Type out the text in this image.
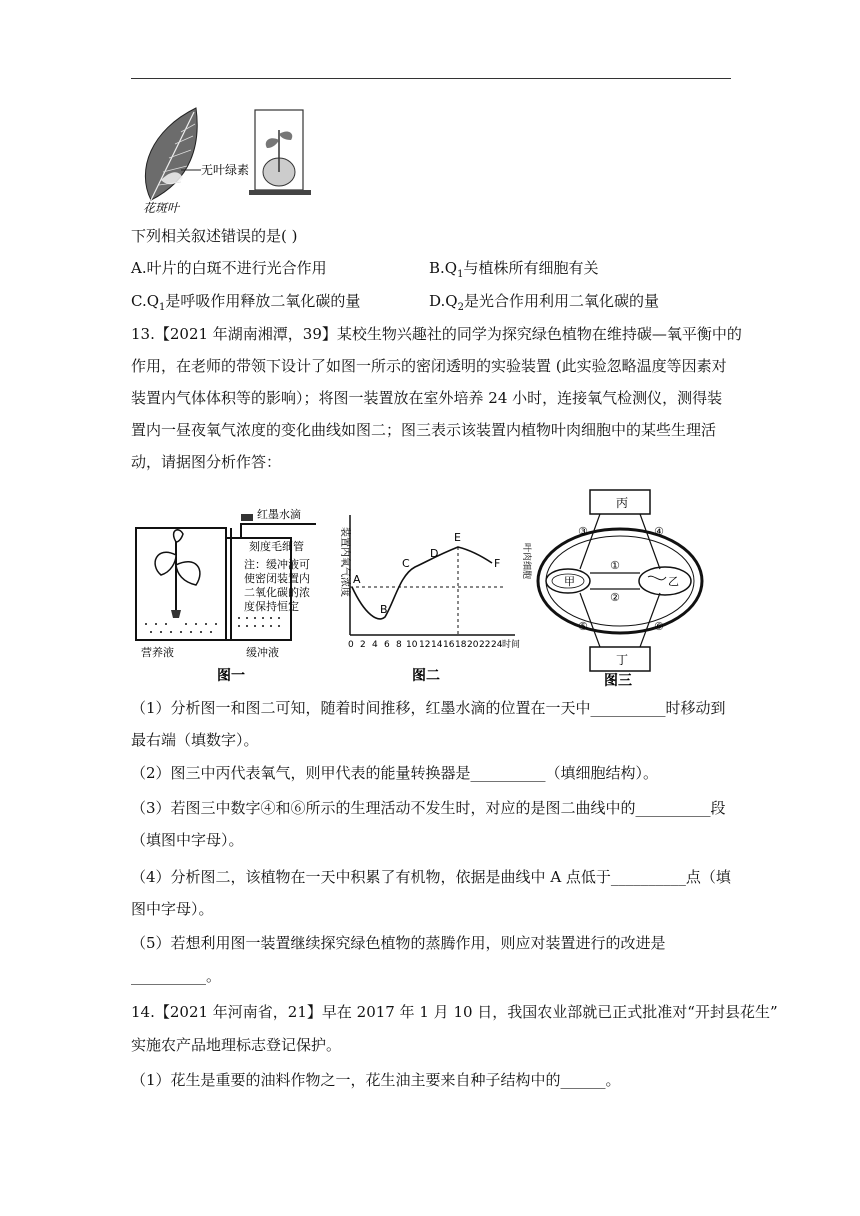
无叶绿素
花斑叶
下列相关叙述错误的是( )
A.叶片的白斑不进行光合作用	$B.Q_1$与植株所有细胞有关
$C.Q_1$是呼吸作用释放二氧化碳的量	$D.Q_2$是光合作用利用二氧化碳的量
13.【2021 年湖南湘潭，39】某校生物兴趣社的同学为探究绿色植物在维持碳—氧平衡中的
作用，在老师的带领下设计了如图一所示的密闭透明的实验装置 (此实验忽略温度等因素对
装置内气体体积等的影响）；将图一装置放在室外培养 24 小时，连接氧气检测仪，测得装
置内一昼夜氧气浓度的变化曲线如图二；图三表示该装置内植物叶肉细胞中的某些生理活
动，请据图分析作答：
红墨水滴
刻度毛细管
注：缓冲液可
使密闭装置内
二氧化碳的浓
度保持恒定
营养液	缓冲液
图一
装置内氧气浓度 A
B
C
D
E
F
0 2 4 6 8 10 12 14 16 18 20 22 24 时间
图二
丙
丁
甲	乙
①
②
③	④
⑤	⑥
叶肉细胞
图三
（1）分析图一和图二可知，随着时间推移，红墨水滴的位置在一天中__________时移动到
最右端（填数字）。
（2）图三中丙代表氧气，则甲代表的能量转换器是__________（填细胞结构）。
（3）若图三中数字④和⑥所示的生理活动不发生时，对应的是图二曲线中的__________段
（填图中字母）。
（4）分析图二，该植物在一天中积累了有机物，依据是曲线中 A 点低于__________点（填
图中字母）。
（5）若想利用图一装置继续探究绿色植物的蒸腾作用，则应对装置进行的改进是
__________。
14.【2021 年河南省，21】早在 2017 年 1 月 10 日，我国农业部就已正式批准对“开封县花生”
实施农产品地理标志登记保护。
（1）花生是重要的油料作物之一，花生油主要来自种子结构中的______。
